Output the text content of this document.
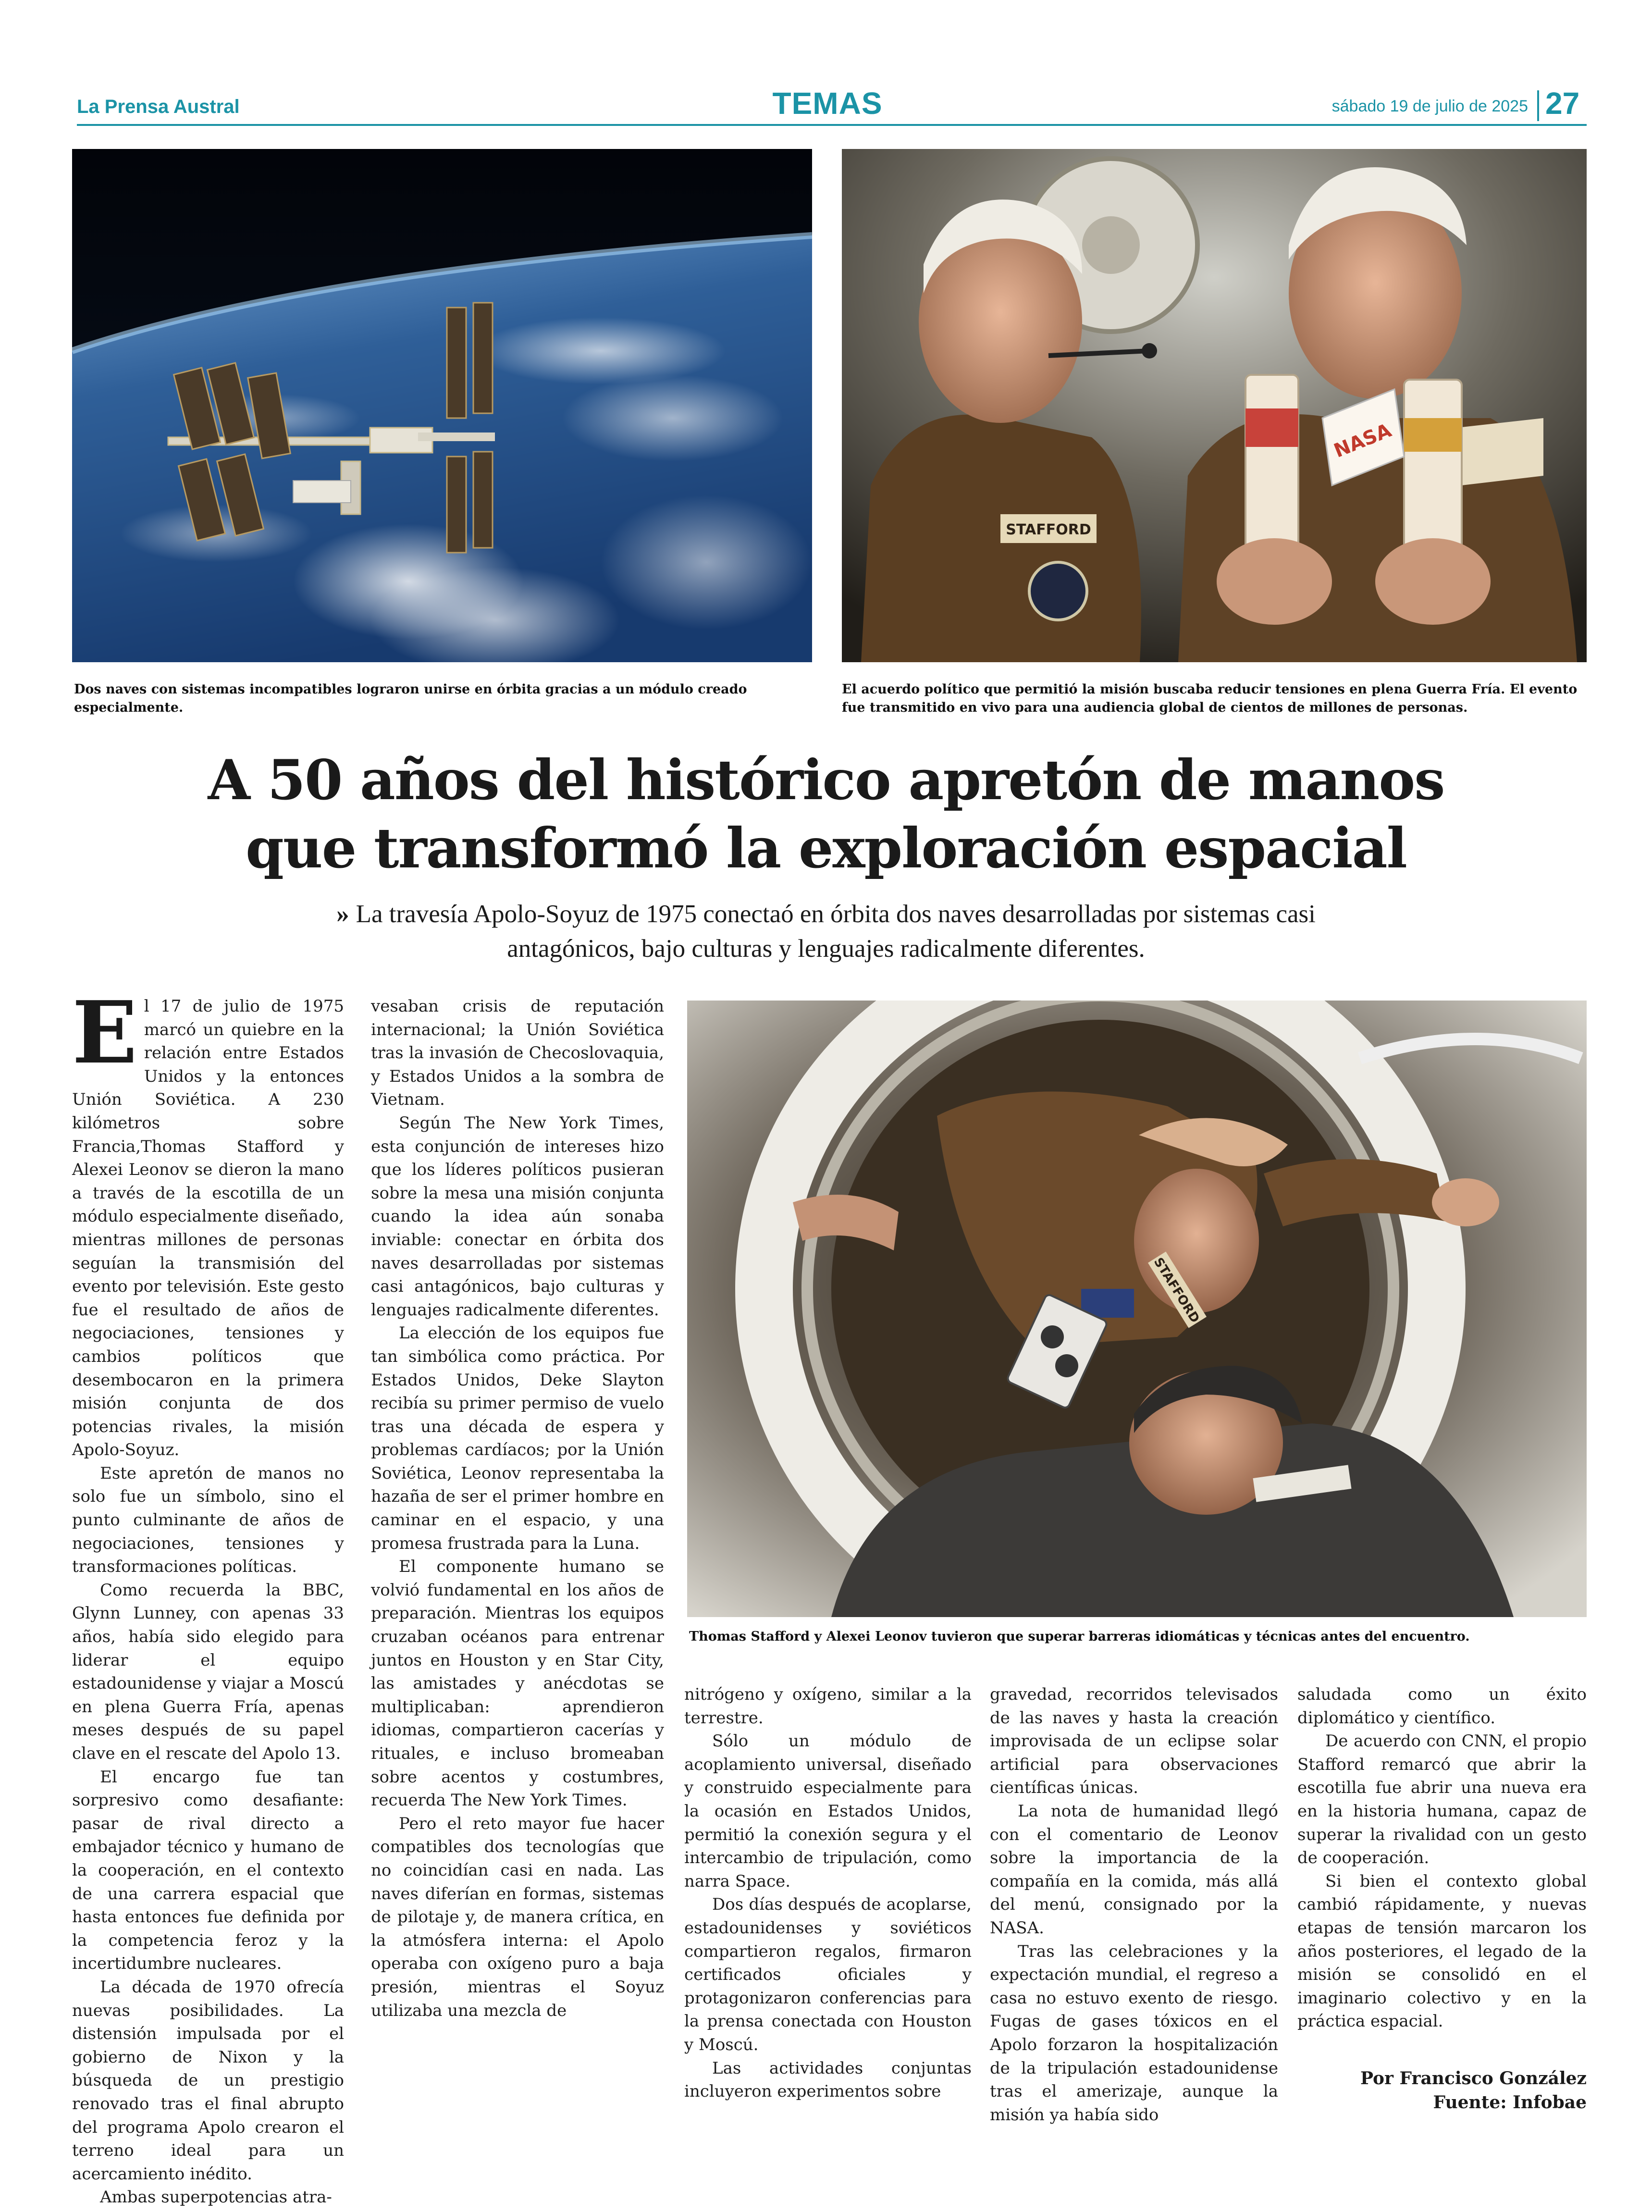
La Prensa Austral	TEMAS	sábado 19 de julio de 2025 27
Dos naves con sistemas incompatibles lograron unirse en órbita gracias a un módulo creado especialmente.
STAFFORD
NASA
El acuerdo político que permitió la misión buscaba reducir tensiones en plena Guerra Fría. El evento fue transmitido en vivo para una audiencia global de cientos de millones de personas.
A 50 años del histórico apretón de manos
que transformó la exploración espacial
» La travesía Apolo-Soyuz de 1975 conectaó en órbita dos naves desarrolladas por sistemas casi antagónicos, bajo culturas y lenguajes radicalmente diferentes.
STAFFORD
Thomas Stafford y Alexei Leonov tuvieron que superar barreras idiomáticas y técnicas antes del encuentro.

El 17 de julio de 1975 marcó un quiebre en la relación entre Estados Unidos y la entonces Unión Soviética. A 230 kilómetros sobre Francia,Thomas Stafford y Alexei Leonov se dieron la mano a través de la escotilla de un módulo especialmente diseñado, mientras millones de personas seguían la transmisión del evento por televisión. Este gesto fue el resultado de años de negociaciones, tensiones y cambios políticos que desembocaron en la primera misión conjunta de dos potencias rivales, la misión Apolo-Soyuz.

Este apretón de manos no solo fue un símbolo, sino el punto culminante de años de negociaciones, tensiones y transformaciones políticas.

Como recuerda la BBC, Glynn Lunney, con apenas 33 años, había sido elegido para liderar el equipo estadounidense y viajar a Moscú en plena Guerra Fría, apenas meses después de su papel clave en el rescate del Apolo 13.

El encargo fue tan sorpresivo como desafiante: pasar de rival directo a embajador técnico y humano de la cooperación, en el contexto de una carrera espacial que hasta entonces fue definida por la competencia feroz y la incertidumbre nucleares.

La década de 1970 ofrecía nuevas posibilidades. La distensión impulsada por el gobierno de Nixon y la búsqueda de un prestigio renovado tras el final abrupto del programa Apolo crearon el terreno ideal para un acercamiento inédito.

Ambas superpotencias atra-

vesaban crisis de reputación internacional; la Unión Soviética tras la invasión de Checoslovaquia, y Estados Unidos a la sombra de Vietnam.

Según The New York Times, esta conjunción de intereses hizo que los líderes políticos pusieran sobre la mesa una misión conjunta cuando la idea aún sonaba inviable: conectar en órbita dos naves desarrolladas por sistemas casi antagónicos, bajo culturas y lenguajes radicalmente diferentes.

La elección de los equipos fue tan simbólica como práctica. Por Estados Unidos, Deke Slayton recibía su primer permiso de vuelo tras una década de espera y problemas cardíacos; por la Unión Soviética, Leonov representaba la hazaña de ser el primer hombre en caminar en el espacio, y una promesa frustrada para la Luna.

El componente humano se volvió fundamental en los años de preparación. Mientras los equipos cruzaban océanos para entrenar juntos en Houston y en Star City, las amistades y anécdotas se multiplicaban: aprendieron idiomas, compartieron cacerías y rituales, e incluso bromeaban sobre acentos y costumbres, recuerda The New York Times.

Pero el reto mayor fue hacer compatibles dos tecnologías que no coincidían casi en nada. Las naves diferían en formas, sistemas de pilotaje y, de manera crítica, en la atmósfera interna: el Apolo operaba con oxígeno puro a baja presión, mientras el Soyuz utilizaba una mezcla de

nitrógeno y oxígeno, similar a la terrestre.

Sólo un módulo de acoplamiento universal, diseñado y construido especialmente para la ocasión en Estados Unidos, permitió la conexión segura y el intercambio de tripulación, como narra Space.

Dos días después de acoplarse, estadounidenses y soviéticos compartieron regalos, firmaron certificados oficiales y protagonizaron conferencias para la prensa conectada con Houston y Moscú.

Las actividades conjuntas incluyeron experimentos sobre

gravedad, recorridos televisados de las naves y hasta la creación improvisada de un eclipse solar artificial para observaciones científicas únicas.

La nota de humanidad llegó con el comentario de Leonov sobre la importancia de la compañía en la comida, más allá del menú, consignado por la NASA.

Tras las celebraciones y la expectación mundial, el regreso a casa no estuvo exento de riesgo. Fugas de gases tóxicos en el Apolo forzaron la hospitalización de la tripulación estadounidense tras el amerizaje, aunque la misión ya había sido

saludada como un éxito diplomático y científico.

De acuerdo con CNN, el propio Stafford remarcó que abrir la escotilla fue abrir una nueva era en la historia humana, capaz de superar la rivalidad con un gesto de cooperación.

Si bien el contexto global cambió rápidamente, y nuevas etapas de tensión marcaron los años posteriores, el legado de la misión se consolidó en el imaginario colectivo y en la práctica espacial.

Por Francisco González
Fuente: Infobae
